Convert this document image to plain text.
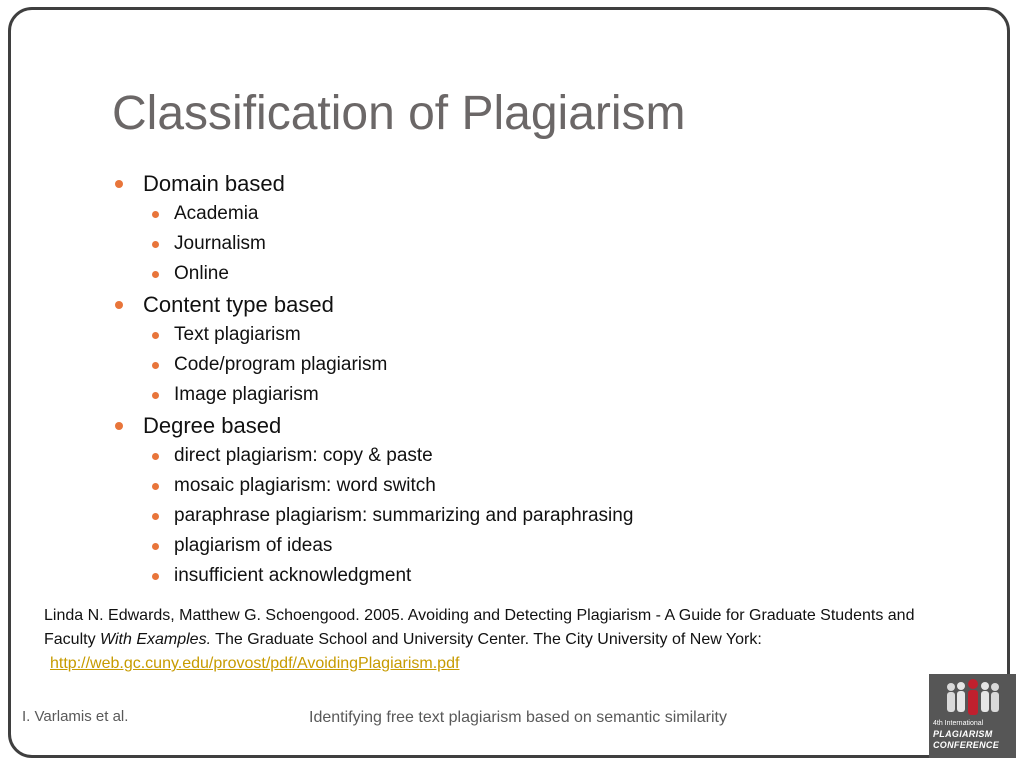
Classification of Plagiarism
Domain based
Academia
Journalism
Online
Content type based
Text plagiarism
Code/program plagiarism
Image plagiarism
Degree based
direct plagiarism: copy & paste
mosaic plagiarism: word switch
paraphrase plagiarism: summarizing and paraphrasing
plagiarism of ideas
insufficient acknowledgment
Linda N. Edwards, Matthew G. Schoengood. 2005. Avoiding and Detecting Plagiarism - A Guide for Graduate Students and Faculty With Examples. The Graduate School and University Center. The City University of New York: http://web.gc.cuny.edu/provost/pdf/AvoidingPlagiarism.pdf
I. Varlamis et al.	Identifying free text plagiarism based on semantic similarity	4th International
PLAGIARISM
CONFERENCE
